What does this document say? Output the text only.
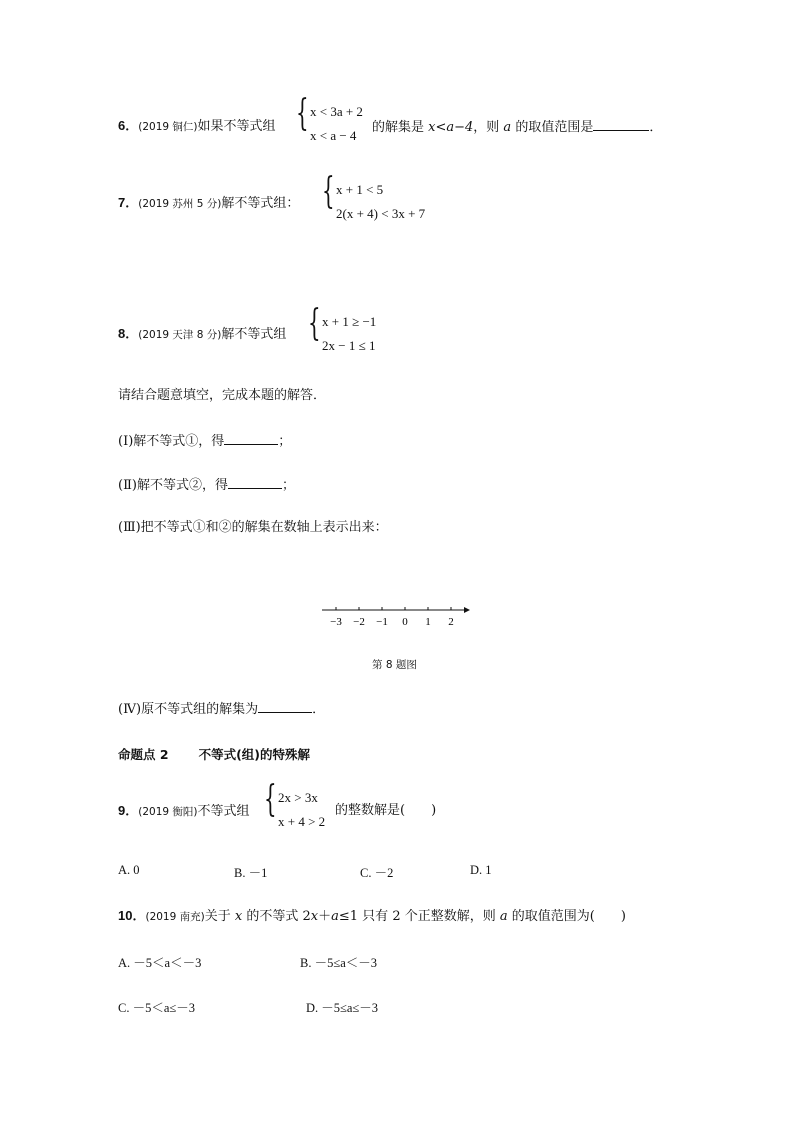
6．(2019 铜仁)如果不等式组 { x < 3a + 2
x < a − 4
的解集是 x<a−4，则 a 的取值范围是	．
7．(2019 苏州 5 分)解不等式组： { x + 1 < 5
2(x + 4) < 3x + 7
8．(2019 天津 8 分)解不等式组 { x + 1 ≥ −1
2x − 1 ≤ 1
请结合题意填空，完成本题的解答．
(Ⅰ)解不等式①，得	；
(Ⅱ)解不等式②，得	；
(Ⅲ)把不等式①和②的解集在数轴上表示出来：
−3 −2 −1 0 1 2
第 8 题图
(Ⅳ)原不等式组的解集为	．
命题点 2 不等式(组)的特殊解
9．(2019 衡阳)不等式组 { 2x > 3x
x + 4 > 2
的整数解是(　　)
A. 0	B. －1	C. －2	D. 1
10．(2019 南充)关于 x 的不等式 2x＋a≤1 只有 2 个正整数解，则 a 的取值范围为(　　)
A. －5＜a＜－3	B. －5≤a＜－3
C. －5＜a≤－3	D. －5≤a≤－3
